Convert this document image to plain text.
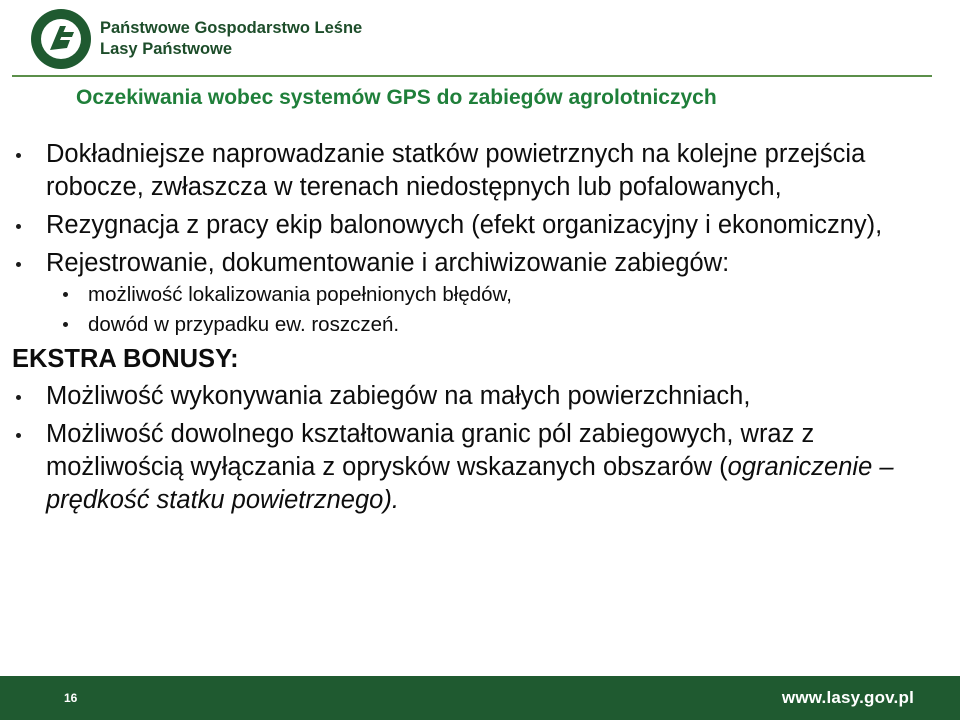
Państwowe Gospodarstwo Leśne
Lasy Państwowe
Oczekiwania wobec systemów GPS do zabiegów agrolotniczych
Dokładniejsze naprowadzanie statków powietrznych na kolejne przejścia robocze, zwłaszcza w terenach niedostępnych lub pofalowanych,
Rezygnacja z pracy ekip balonowych (efekt organizacyjny i ekonomiczny),
Rejestrowanie, dokumentowanie i archiwizowanie zabiegów:
możliwość lokalizowania popełnionych błędów,
dowód w przypadku ew. roszczeń.
EKSTRA BONUSY:
Możliwość wykonywania zabiegów na małych powierzchniach,
Możliwość dowolnego kształtowania granic pól zabiegowych, wraz z możliwością wyłączania z oprysków wskazanych obszarów (ograniczenie – prędkość statku powietrznego).
16	www.lasy.gov.pl
